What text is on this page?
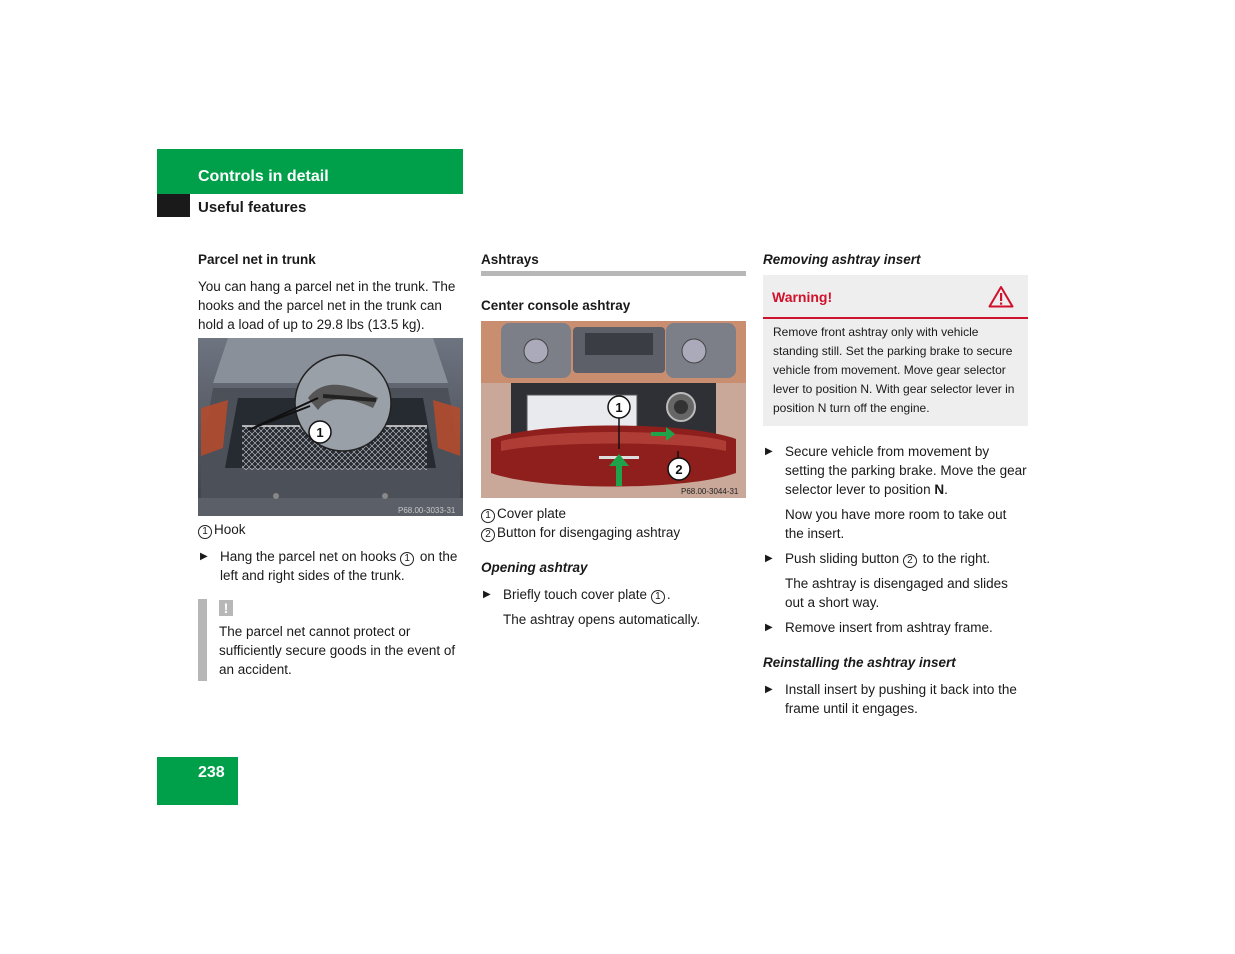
Controls in detail
Useful features
Parcel net in trunk

You can hang a parcel net in the trunk. The hooks and the parcel net in the trunk can hold a load of up to 29.8 lbs (13.5 kg).

1
P68.00-3033-31

1 Hook

▶ Hang the parcel net on hooks 1 on the left and right sides of the trunk.
!

The parcel net cannot protect or sufficiently secure goods in the event of an accident.

Ashtrays
Center console ashtray
1
2
P68.00-3044-31

1 Cover plate

2 Button for disengaging ashtray

Opening ashtray
▶ Briefly touch cover plate 1 .

The ashtray opens automatically.

Removing ashtray insert
Warning!
Remove front ashtray only with vehicle standing still. Set the parking brake to secure vehicle from movement. Move gear selector lever to position N. With gear selector lever in position N turn off the engine.
▶ Secure vehicle from movement by setting the parking brake. Move the gear selector lever to position N.

Now you have more room to take out the insert.

▶ Push sliding button 2 to the right.

The ashtray is disengaged and slides out a short way.

▶ Remove insert from ashtray frame.
Reinstalling the ashtray insert
▶ Install insert by pushing it back into the frame until it engages.
238
